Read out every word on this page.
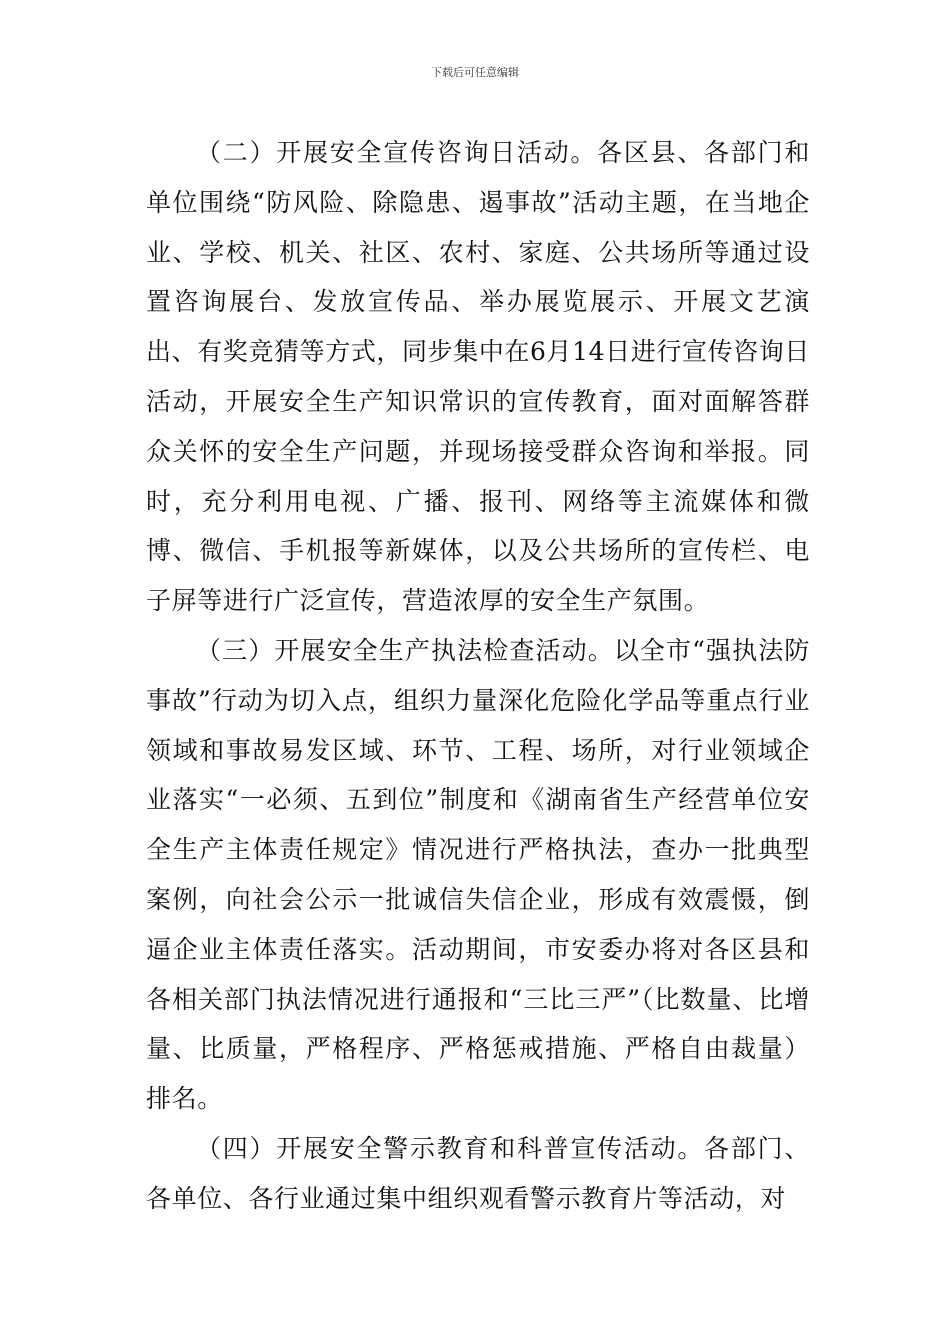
下载后可任意编辑

（二）开展安全宣传咨询日活动。各区县、各部门和单位围绕“防风险、除隐患、遏事故”活动主题，在当地企业、学校、机关、社区、农村、家庭、公共场所等通过设置咨询展台、发放宣传品、举办展览展示、开展文艺演出、有奖竞猜等方式，同步集中在6月14日进行宣传咨询日活动，开展安全生产知识常识的宣传教育，面对面解答群众关怀的安全生产问题，并现场接受群众咨询和举报。同时，充分利用电视、广播、报刊、网络等主流媒体和微博、微信、手机报等新媒体，以及公共场所的宣传栏、电子屏等进行广泛宣传，营造浓厚的安全生产氛围。

（三）开展安全生产执法检查活动。以全市“强执法防事故”行动为切入点，组织力量深化危险化学品等重点行业领域和事故易发区域、环节、工程、场所，对行业领域企业落实“一必须、五到位”制度和《湖南省生产经营单位安全生产主体责任规定》情况进行严格执法，查办一批典型案例，向社会公示一批诚信失信企业，形成有效震慑，倒逼企业主体责任落实。活动期间，市安委办将对各区县和各相关部门执法情况进行通报和“三比三严”（比数量、比增量、比质量，严格程序、严格惩戒措施、严格自由裁量）排名。

（四）开展安全警示教育和科普宣传活动。各部门、各单位、各行业通过集中组织观看警示教育片等活动，对
